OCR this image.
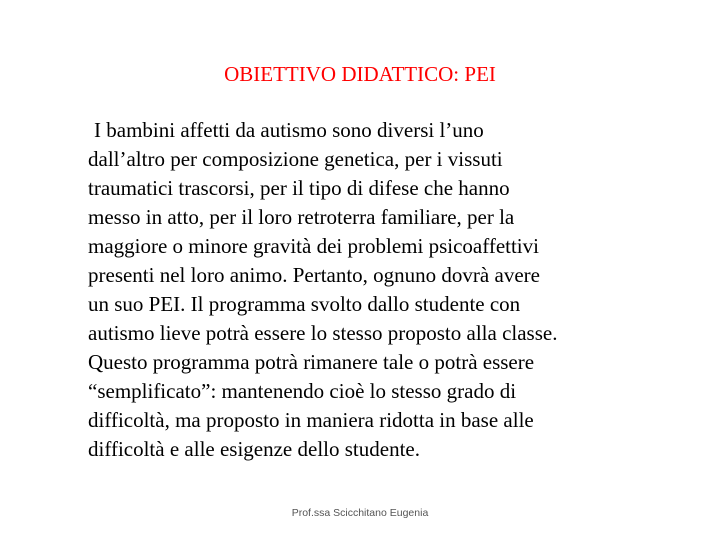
OBIETTIVO DIDATTICO: PEI
I bambini affetti da autismo sono diversi l’uno
dall’altro per composizione genetica, per i vissuti
traumatici trascorsi, per il tipo di difese che hanno
messo in atto, per il loro retroterra familiare, per la
maggiore o minore gravità dei problemi psicoaffettivi
presenti nel loro animo. Pertanto, ognuno dovrà avere
un suo PEI. Il programma svolto dallo studente con
autismo lieve potrà essere lo stesso proposto alla classe.
Questo programma potrà rimanere tale o potrà essere
“semplificato”: mantenendo cioè lo stesso grado di
difficoltà, ma proposto in maniera ridotta in base alle
difficoltà e alle esigenze dello studente.
Prof.ssa Scicchitano Eugenia
